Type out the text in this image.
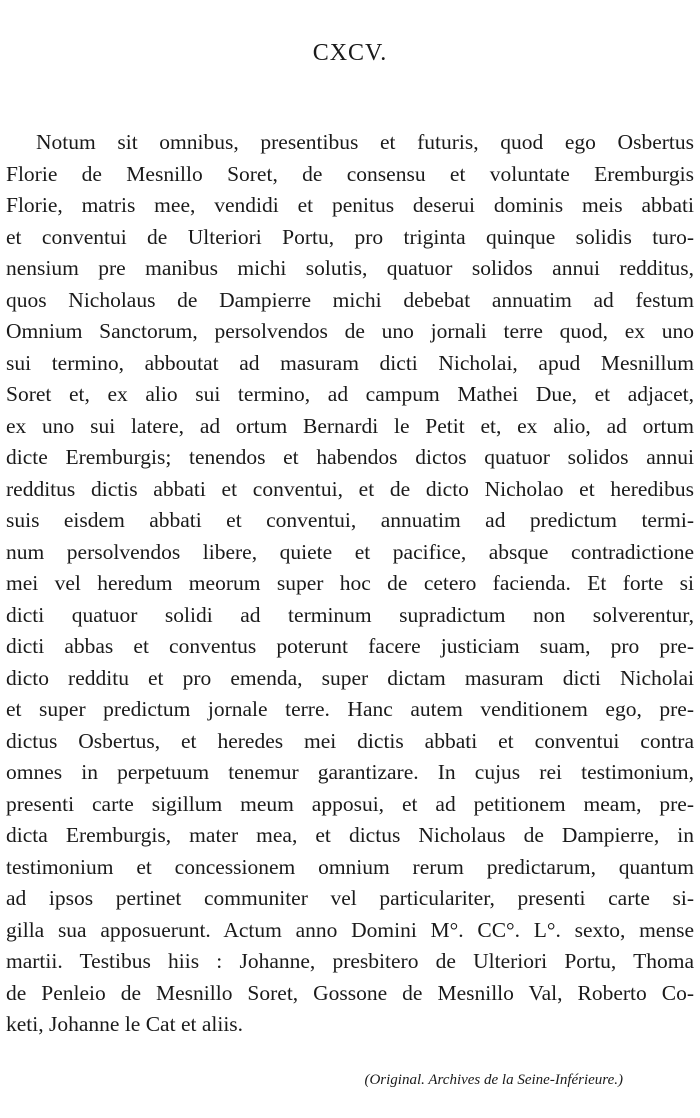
CXCV.
Notum sit omnibus, presentibus et futuris, quod ego Osbertus
Florie de Mesnillo Soret, de consensu et voluntate Eremburgis
Florie, matris mee, vendidi et penitus deserui dominis meis abbati
et conventui de Ulteriori Portu, pro triginta quinque solidis turo-
nensium pre manibus michi solutis, quatuor solidos annui redditus,
quos Nicholaus de Dampierre michi debebat annuatim ad festum
Omnium Sanctorum, persolvendos de uno jornali terre quod, ex uno
sui termino, abboutat ad masuram dicti Nicholai, apud Mesnillum
Soret et, ex alio sui termino, ad campum Mathei Due, et adjacet,
ex uno sui latere, ad ortum Bernardi le Petit et, ex alio, ad ortum
dicte Eremburgis; tenendos et habendos dictos quatuor solidos annui
redditus dictis abbati et conventui, et de dicto Nicholao et heredibus
suis eisdem abbati et conventui, annuatim ad predictum termi-
num persolvendos libere, quiete et pacifice, absque contradictione
mei vel heredum meorum super hoc de cetero facienda. Et forte si
dicti quatuor solidi ad terminum supradictum non solverentur,
dicti abbas et conventus poterunt facere justiciam suam, pro pre-
dicto redditu et pro emenda, super dictam masuram dicti Nicholai
et super predictum jornale terre. Hanc autem venditionem ego, pre-
dictus Osbertus, et heredes mei dictis abbati et conventui contra
omnes in perpetuum tenemur garantizare. In cujus rei testimonium,
presenti carte sigillum meum apposui, et ad petitionem meam, pre-
dicta Eremburgis, mater mea, et dictus Nicholaus de Dampierre, in
testimonium et concessionem omnium rerum predictarum, quantum
ad ipsos pertinet communiter vel particulariter, presenti carte si-
gilla sua apposuerunt. Actum anno Domini M°. CC°. L°. sexto, mense
martii. Testibus hiis : Johanne, presbitero de Ulteriori Portu, Thoma
de Penleio de Mesnillo Soret, Gossone de Mesnillo Val, Roberto Co-
keti, Johanne le Cat et aliis.

(Original. Archives de la Seine-Inférieure.)
